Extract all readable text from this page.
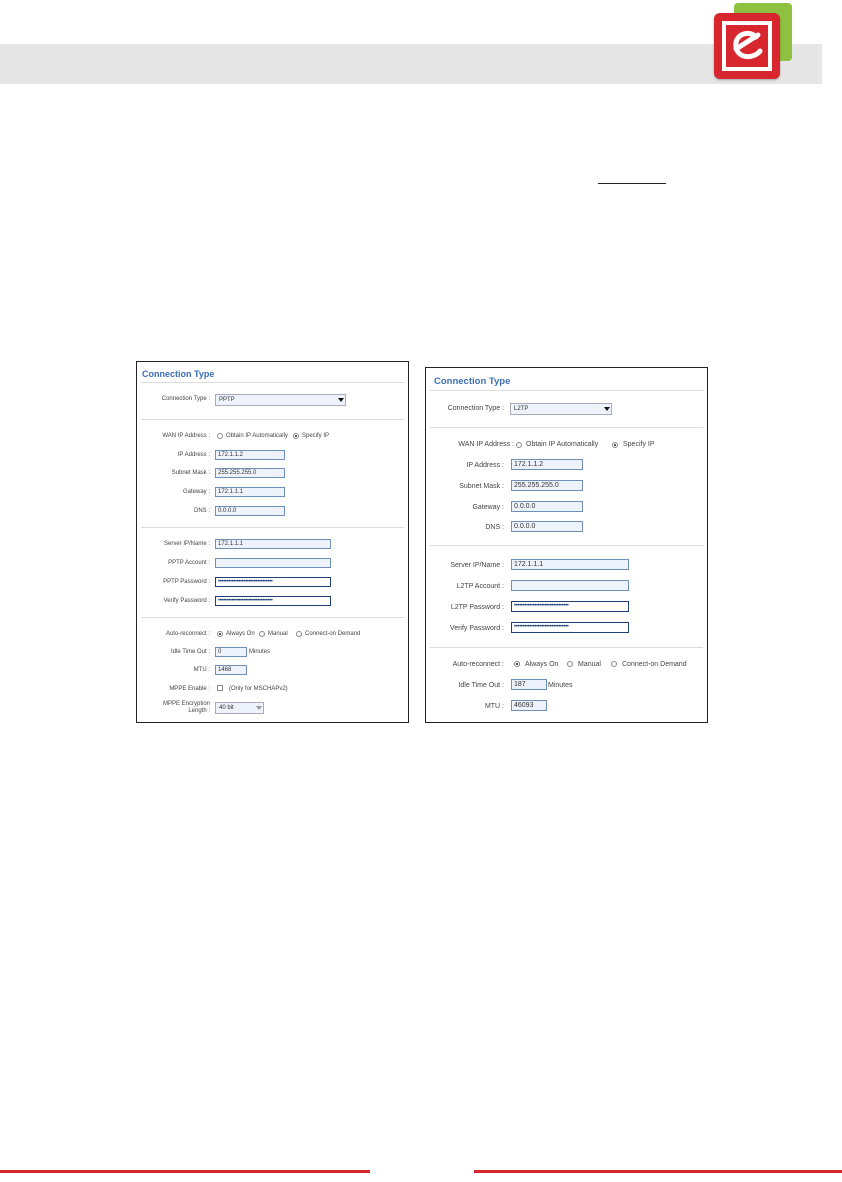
Connection Type
Connection Type :	PPTP
WAN IP Address :	Obtain IP Automatically Specify IP
IP Address :	172.1.1.2
Subnet Mask :	255.255.255.0
Gateway :	172.1.1.1
DNS :	0.0.0.0
Server IP/Name :	172.1.1.1
PPTP Account :
PPTP Password :	••••••••••••••••••••••••••••••••
Verify Password :	••••••••••••••••••••••••••••••••
Auto-reconnect :	Always On Manual	Connect-on Demand
Idle Time Out :	0	Minutes
MTU :	1468
MPPE Enable :	(Only for MSCHAPv2)
MPPE Encryption
Length :	40 bit
Connection Type
Connection Type :	L2TP
WAN IP Address : Obtain IP Automatically	Specify IP
IP Address :	172.1.1.2
Subnet Mask :	255.255.255.0
Gateway :	0.0.0.0
DNS :	0.0.0.0
Server IP/Name :	172.1.1.1
L2TP Account :
L2TP Password :	••••••••••••••••••••••••••••••••
Verify Password :	••••••••••••••••••••••••••••••••
Auto-reconnect :	Always On	Manual	Connect-on Demand
Idle Time Out :	187	Minutes
MTU :	46093
